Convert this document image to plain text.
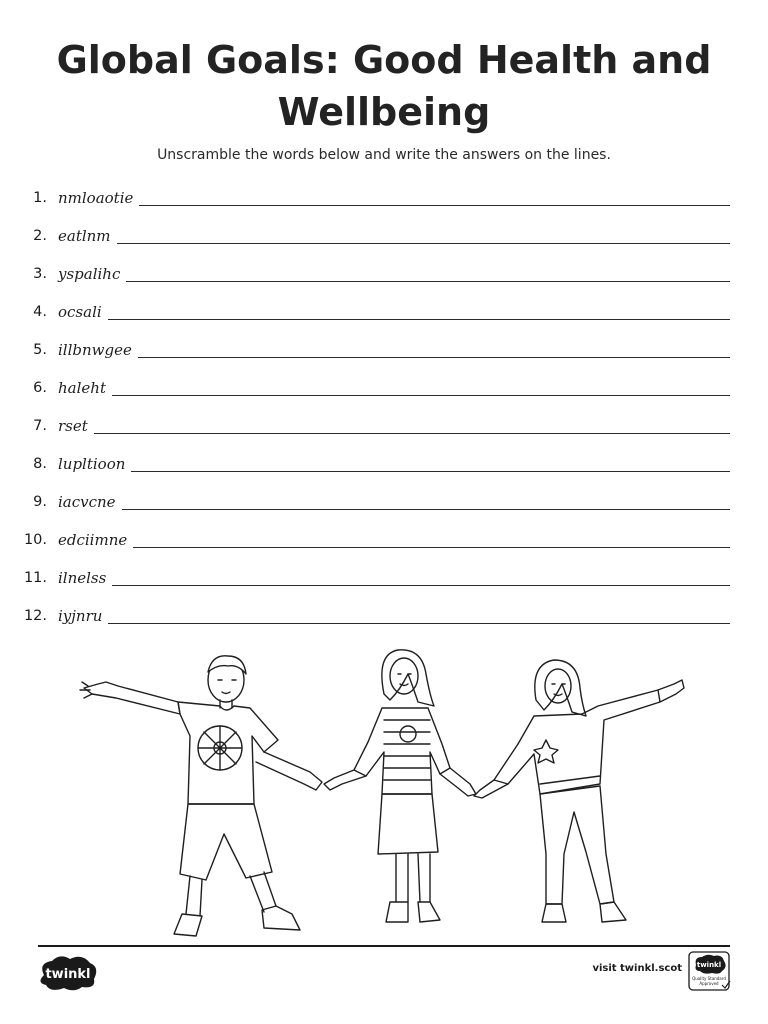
Global Goals: Good Health and
Wellbeing
Unscramble the words below and write the answers on the lines.
1. nmloaotie
2. eatlnm
3. yspalihc
4. ocsali
5. illbnwgee
6. haleht
7. rset
8. lupltioon
9. iacvcne
10. edciimne
11. ilnelss
12. iyjnru
twinkl	visit twinkl.scot twinkl
Quality Standard
Approved
